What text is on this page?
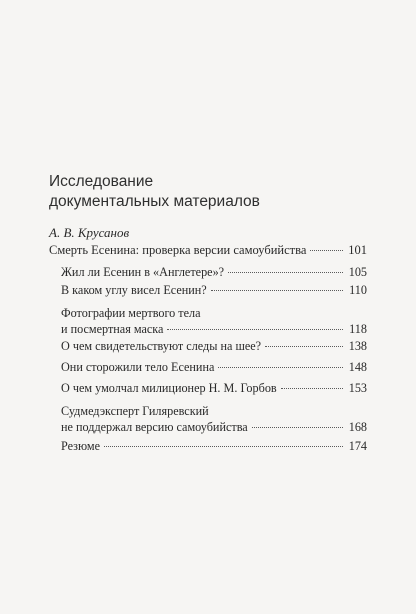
Исследование
документальных материалов
А. В. Крусанов
Смерть Есенина: проверка версии самоубийства	101
Жил ли Есенин в «Англетере»?	105
В каком углу висел Есенин?	110
Фотографии мертвого тела
и посмертная маска	118
О чем свидетельствуют следы на шее?	138
Они сторожили тело Есенина	148
О чем умолчал милиционер Н. М. Горбов	153
Судмедэксперт Гиляревский
не поддержал версию самоубийства	168
Резюме	174
